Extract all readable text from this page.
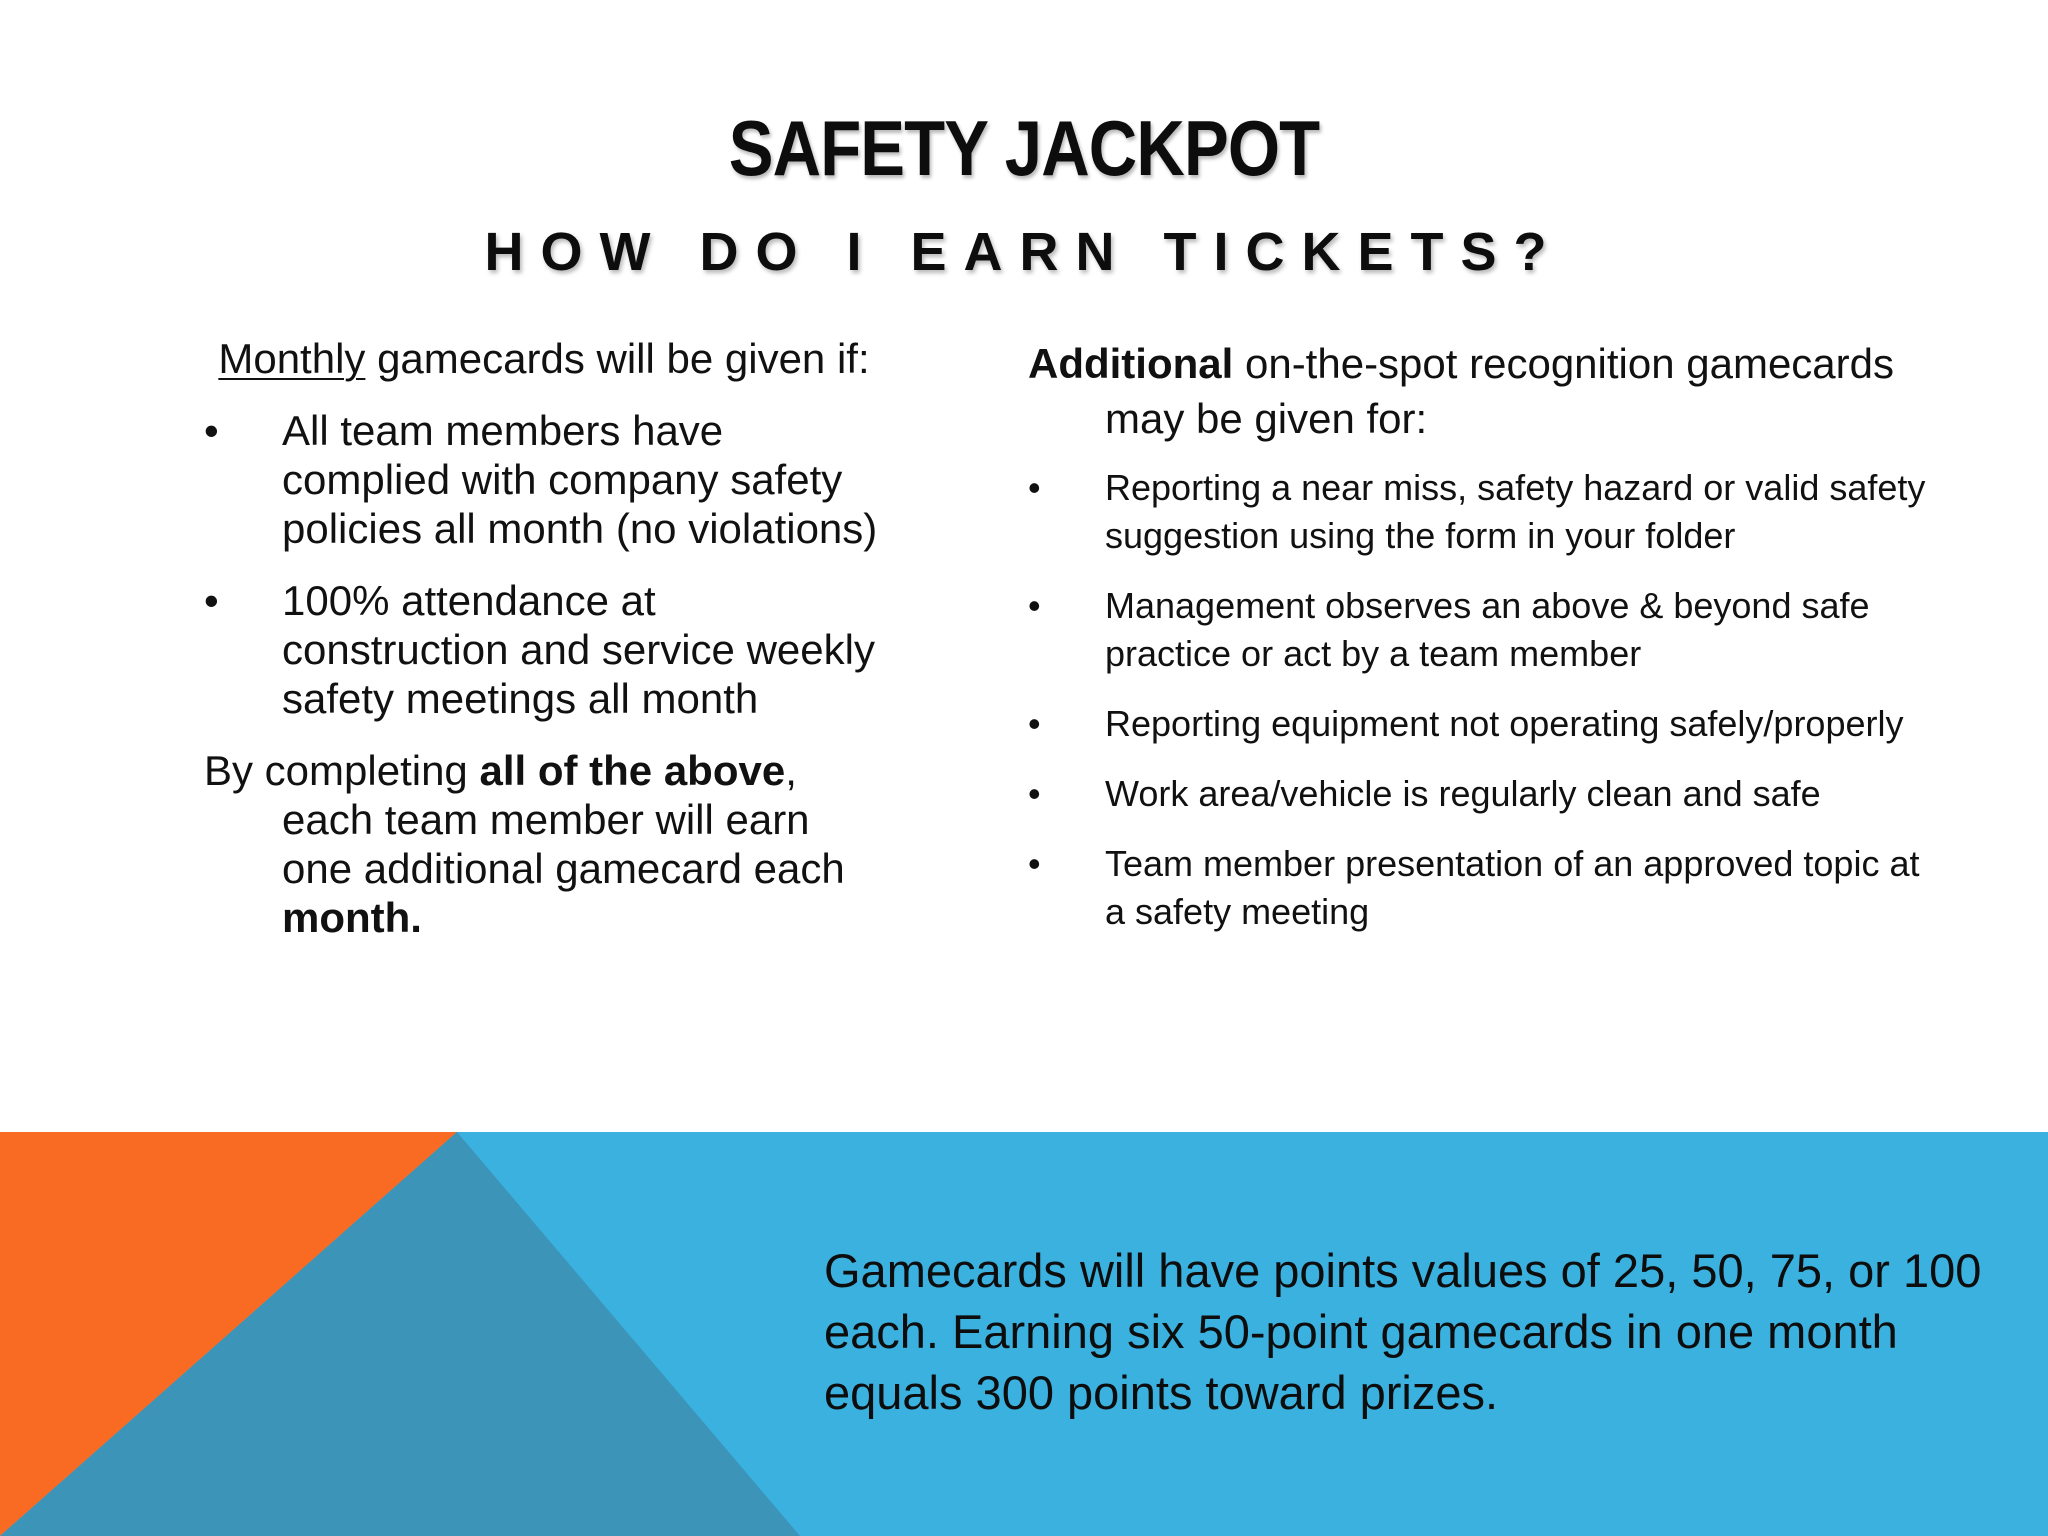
SAFETY JACKPOT
HOW DO I EARN TICKETS?

Monthly gamecards will be given if:

• All team members have complied with company safety policies all month (no violations)
• 100% attendance at construction and service weekly safety meetings all month

By completing all of the above, each team member will earn one additional gamecard each month.

Additional on-the-spot recognition gamecards may be given for:

• Reporting a near miss, safety hazard or valid safety suggestion using the form in your folder
• Management observes an above & beyond safe practice or act by a team member
• Reporting equipment not operating safely/properly
• Work area/vehicle is regularly clean and safe
• Team member presentation of an approved topic at a safety meeting
Gamecards will have points values of 25, 50, 75, or 100 each. Earning six 50-point gamecards in one month equals 300 points toward prizes.
